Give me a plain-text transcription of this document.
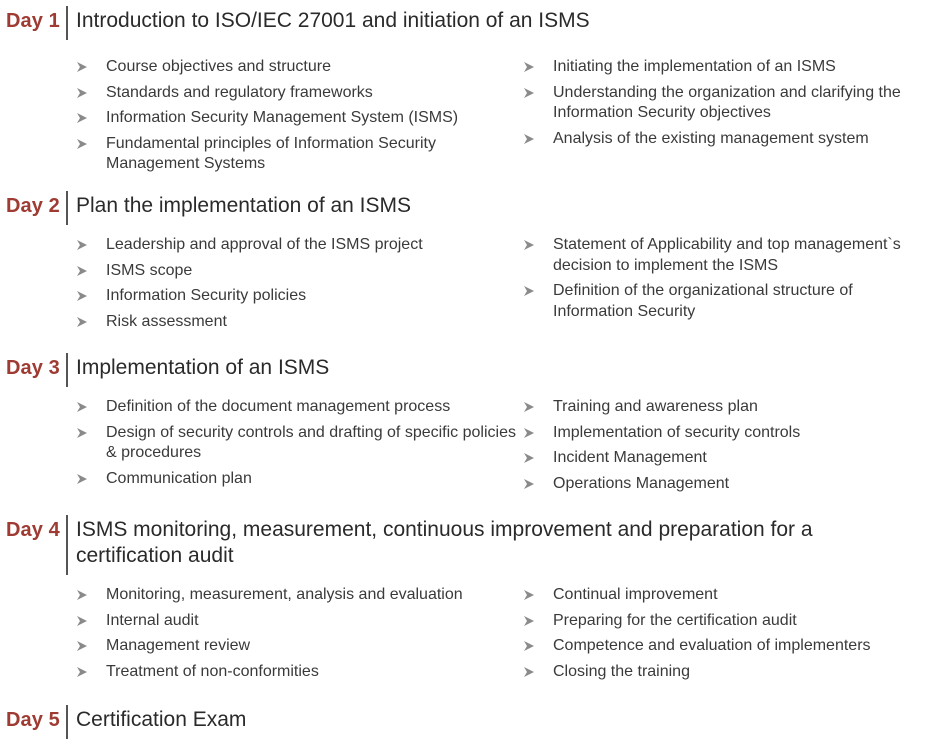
Day 1 Introduction to ISO/IEC 27001 and initiation of an ISMS
Course objectives and structure
Standards and regulatory frameworks
Information Security Management System (ISMS)
Fundamental principles of Information Security Management Systems
Initiating the implementation of an ISMS
Understanding the organization and clarifying the Information Security objectives
Analysis of the existing management system
Day 2 Plan the implementation of an ISMS
Leadership and approval of the ISMS project
ISMS scope
Information Security policies
Risk assessment
Statement of Applicability and top management`s decision to implement the ISMS
Definition of the organizational structure of Information Security
Day 3 Implementation of an ISMS
Definition of the document management process
Design of security controls and drafting of specific policies & procedures
Communication plan
Training and awareness plan
Implementation of security controls
Incident Management
Operations Management
Day 4 ISMS monitoring, measurement, continuous improvement and preparation for a certification audit
Monitoring, measurement, analysis and evaluation
Internal audit
Management review
Treatment of non-conformities
Continual improvement
Preparing for the certification audit
Competence and evaluation of implementers
Closing the training
Day 5 Certification Exam
